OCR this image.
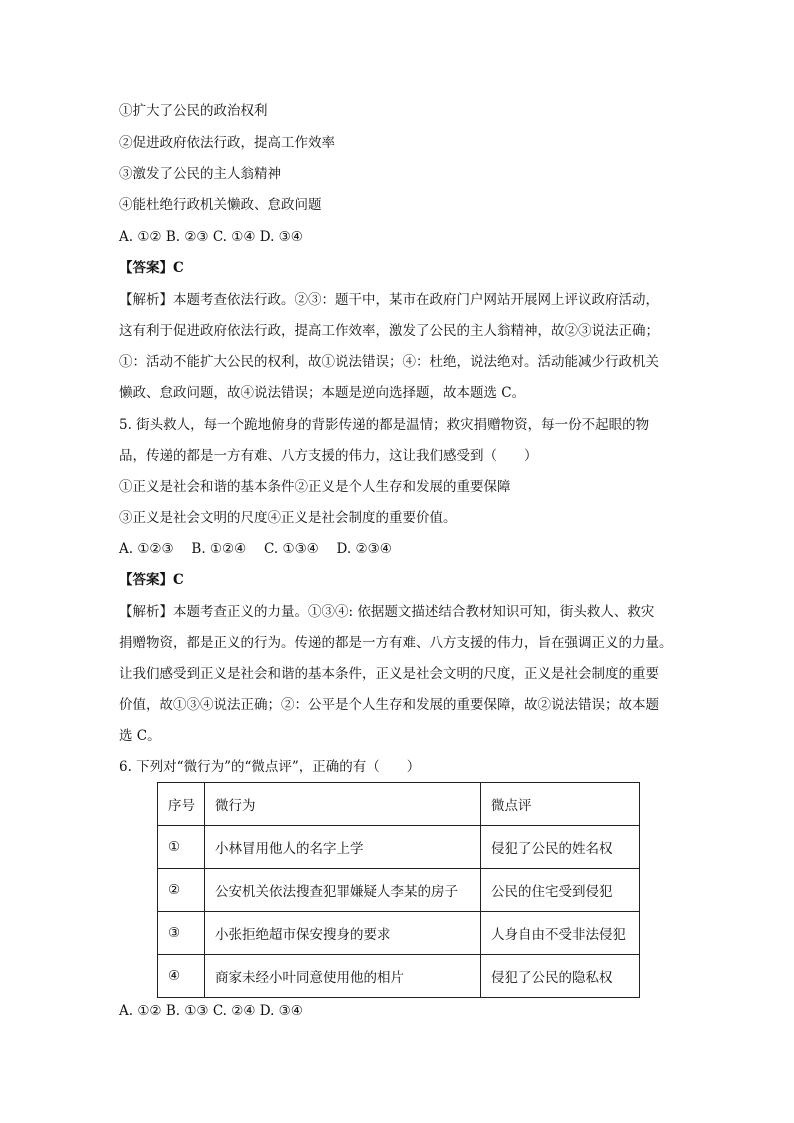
①扩大了公民的政治权利
②促进政府依法行政，提高工作效率
③激发了公民的主人翁精神
④能杜绝行政机关懒政、怠政问题
A. ①② B. ②③ C. ①④ D. ③④
【答案】C
【解析】本题考查依法行政。②③：题干中，某市在政府门户网站开展网上评议政府活动，
这有利于促进政府依法行政，提高工作效率，激发了公民的主人翁精神，故②③说法正确；
①：活动不能扩大公民的权利，故①说法错误；④：杜绝，说法绝对。活动能减少行政机关
懒政、怠政问题，故④说法错误；本题是逆向选择题，故本题选 C。
5. 街头救人，每一个跪地俯身的背影传递的都是温情；救灾捐赠物资，每一份不起眼的物
品，传递的都是一方有难、八方支援的伟力，这让我们感受到（　　）
①正义是社会和谐的基本条件②正义是个人生存和发展的重要保障
③正义是社会文明的尺度④正义是社会制度的重要价值。
A. ①②③　 B. ①②④　 C. ①③④　 D. ②③④
【答案】C
【解析】本题考查正义的力量。①③④: 依据题文描述结合教材知识可知，街头救人、救灾
捐赠物资，都是正义的行为。传递的都是一方有难、八方支援的伟力，旨在强调正义的力量。
让我们感受到正义是社会和谐的基本条件，正义是社会文明的尺度，正义是社会制度的重要
价值，故①③④说法正确；②：公平是个人生存和发展的重要保障，故②说法错误；故本题
选 C。
6. 下列对“微行为”的“微点评”，正确的有（　　）
序号	微行为	微点评
①	小林冒用他人的名字上学	侵犯了公民的姓名权
②	公安机关依法搜查犯罪嫌疑人李某的房子	公民的住宅受到侵犯
③	小张拒绝超市保安搜身的要求	人身自由不受非法侵犯
④	商家未经小叶同意使用他的相片	侵犯了公民的隐私权
A. ①② B. ①③ C. ②④ D. ③④
